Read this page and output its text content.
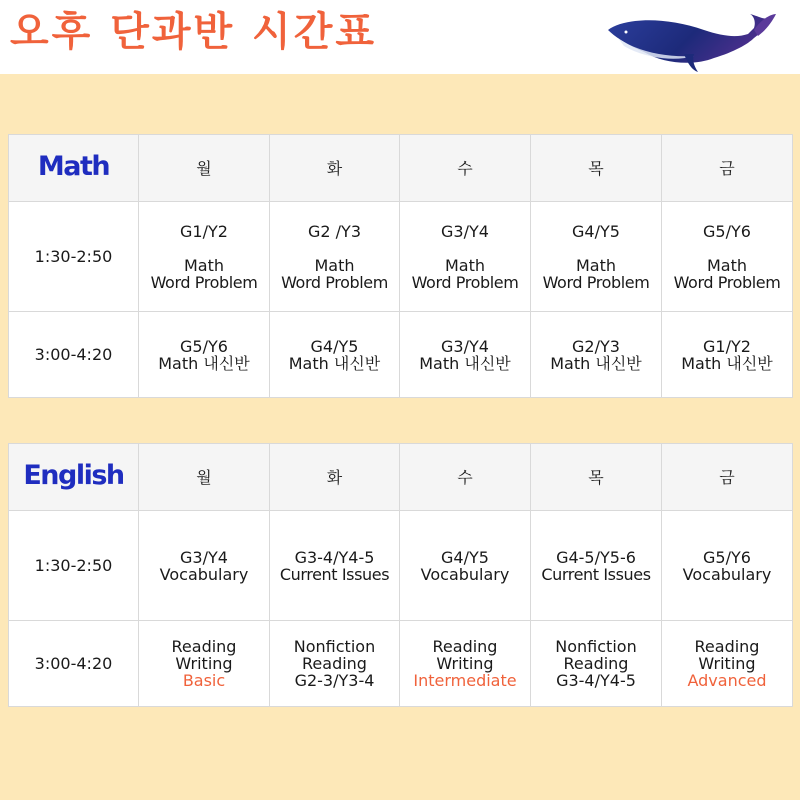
오후 단과반 시간표
Math	월	화	수	목	금
1:30-2:50	G1/Y2
Math
Word Problem	G2 /Y3
Math
Word Problem	G3/Y4
Math
Word Problem	G4/Y5
Math
Word Problem	G5/Y6
Math
Word Problem

3:00-4:20	G5/Y6
Math 내신반	G4/Y5
Math 내신반	G3/Y4
Math 내신반	G2/Y3
Math 내신반	G1/Y2
Math 내신반
English	월	화	수	목	금
1:30-2:50	G3/Y4
Vocabulary	G3-4/Y4-5
Current Issues	G4/Y5
Vocabulary	G4-5/Y5-6
Current Issues	G5/Y6
Vocabulary

3:00-4:20	Reading
Writing
Basic	Nonfiction
Reading
G2-3/Y3-4	Reading
Writing
Intermediate	Nonfiction
Reading
G3-4/Y4-5	Reading
Writing
Advanced
